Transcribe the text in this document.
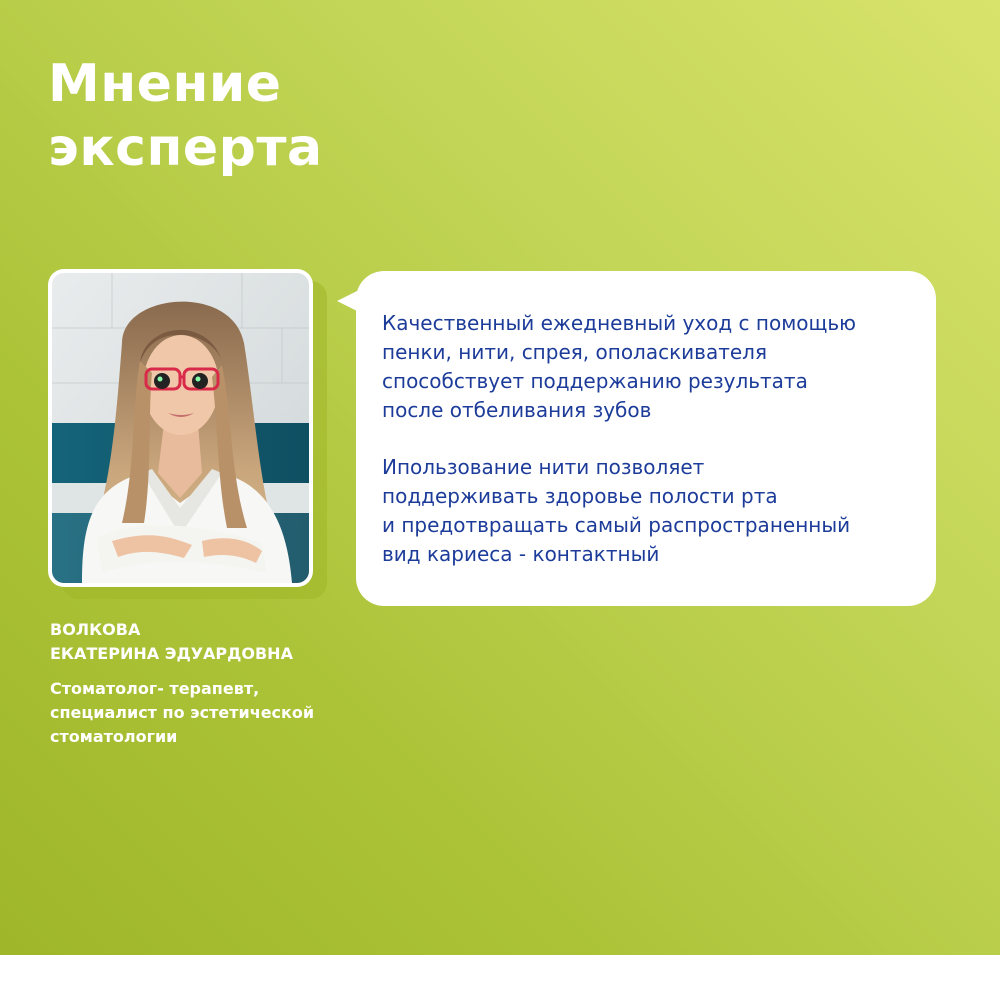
Мнение
эксперта

Качественный ежедневный уход с помощью
пенки, нити, спрея, ополаскивателя
способствует поддержанию результата
после отбеливания зубов

Ипользование нити позволяет
поддерживать здоровье полости рта
и предотвращать самый распространенный
вид кариеса - контактный

ВОЛКОВА
ЕКАТЕРИНА ЭДУАРДОВНА

Стоматолог- терапевт,
специалист по эстетической
стоматологии
